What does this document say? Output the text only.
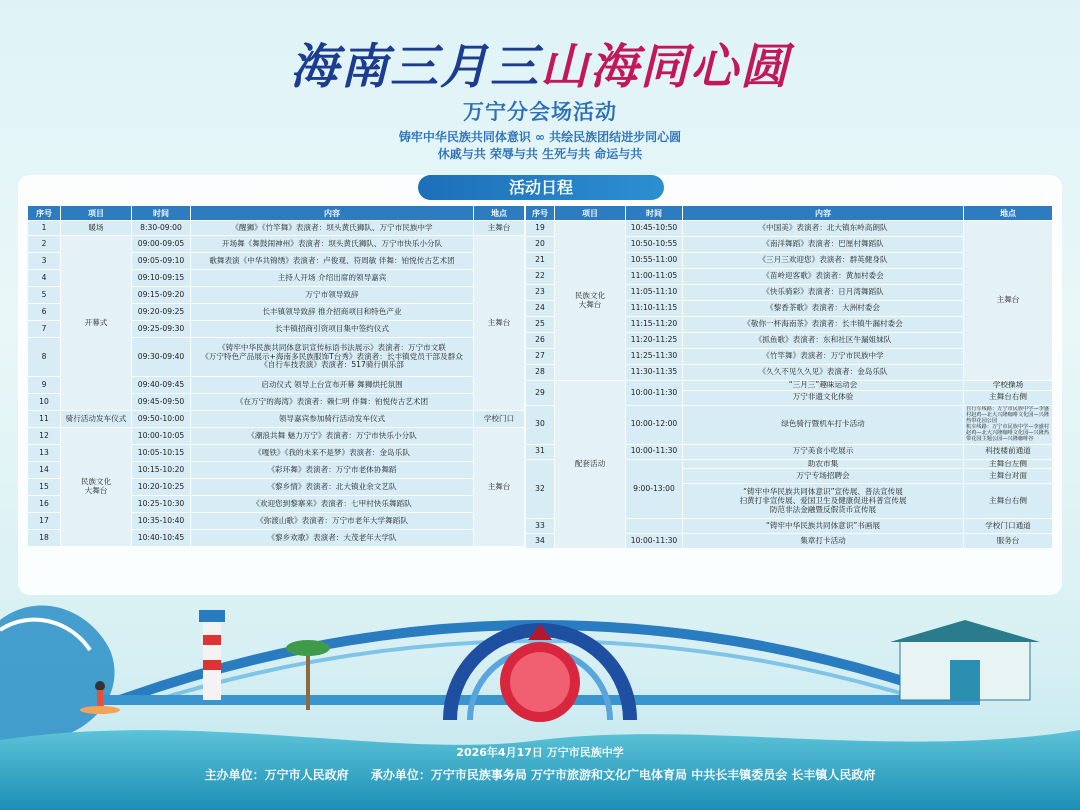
海南三月三山海同心圆
万宁分会场活动
铸牢中华民族共同体意识 ∞ 共绘民族团结进步同心圆
休戚与共 荣辱与共 生死与共 命运与共
活动日程
序号	项目	时间	内容	地点
1	暖场	8:30-09:00	《醒狮》《竹竿舞》表演者：坝头黄氏狮队、万宁市民族中学	主舞台
2	开幕式	09:00-09:05	开场舞《舞鼓闹神州》表演者：坝头黄氏狮队、万宁市快乐小分队	主舞台
3		09:05-09:10	歌舞表演《中华共锦绣》表演者：卢俊观、符周敏 伴舞：铂悦传古艺术团	
4		09:10-09:15	主持人开场 介绍出席的领导嘉宾	
5		09:15-09:20	万宁市领导致辞	
6		09:20-09:25	长丰镇领导致辞 推介招商项目和特色产业	
7		09:25-09:30	长丰镇招商引资项目集中签约仪式	
8		09:30-09:40	《铸牢中华民族共同体意识宣传标语书法展示》表演者：万宁市文联
《万宁特色产品展示+海南多民族服饰T台秀》表演者：长丰镇党员干部及群众
《自行车技表演》表演者：517骑行俱乐部	
9		09:40-09:45	启动仪式 领导上台宣布开幕 舞狮烘托氛围	
10		09:45-09:50	《在万宁的海湾》表演者：赖仁明 伴舞：铂悦传古艺术团	
11	骑行活动发车仪式	09:50-10:00	领导嘉宾参加骑行活动发车仪式	学校门口
12	民族文化
大舞台	10:00-10:05	《潮浪共舞 魅力万宁》表演者：万宁市快乐小分队	主舞台
13		10:05-10:15	《嘎铁》《我的未来不是梦》表演者：金岛乐队	
14		10:15-10:20	《彩环舞》表演者：万宁市老体协舞蹈	
15		10:20-10:25	《黎乡情》表演者：北大镇业余文艺队	
16		10:25-10:30	《欢迎您到黎寨来》表演者：七甲村快乐舞蹈队	
17		10:35-10:40	《弥渡山歌》表演者：万宁市老年大学舞蹈队	
18		10:40-10:45	《黎乡欢歌》表演者：大茂老年大学队	
序号	项目	时间	内容	地点
19	民族文化
大舞台	10:45-10:50	《中国美》表演者：北大镇东岭高朗队	主舞台
20		10:50-10:55	《南洋舞蹈》表演者：巴厘村舞蹈队	
21		10:55-11:00	《三月三欢迎您》表演者：群英健身队	
22		11:00-11:05	《苗岭迎客歌》表演者：黄加村委会	
23		11:05-11:10	《快乐骑彩》表演者：日月湾舞蹈队	
24		11:10-11:15	《黎香茶歌》表演者：大洲村委会	
25		11:15-11:20	《敬你一杯海南茶》表演者：长丰镇牛漏村委会	
26		11:20-11:25	《抓鱼歌》表演者：东和社区牛漏姐妹队	
27		11:25-11:30	《竹竿舞》表演者：万宁市民族中学	
28		11:30-11:35	《久久不见久久见》表演者：金岛乐队	
29	配套活动	10:00-11:30	“三月三”趣味运动会	学校操场
			万宁非遗文化体验	主舞台右侧
30		10:00-12:00	绿色骑行暨机车打卡活动	自行车线路：万宁市民族中学—李盛村赵鸡—北大兴隆咖啡文化园—兴隆热带花园公园
机车线路：万宁市民族中学—李盛村赵鸡—北大兴隆咖啡文化园—兴隆热带花园主题公园—兴隆咖啡谷
31		10:00-11:30	万宁美食小吃展示	科技楼前通道
32		9:00-13:00	助农市集	主舞台左侧
			万宁专场招聘会	主舞台对面
			“铸牢中华民族共同体意识”宣传展、普法宣传展
扫黄打非宣传展、爱国卫生及健康促进科普宣传展
防范非法金融暨反假货币宣传展	主舞台右侧
33			“铸牢中华民族共同体意识”书画展	学校门口通道
34		10:00-11:30	集章打卡活动	服务台
2026年4月17日 万宁市民族中学
主办单位：万宁市人民政府 承办单位：万宁市民族事务局 万宁市旅游和文化广电体育局 中共长丰镇委员会 长丰镇人民政府
